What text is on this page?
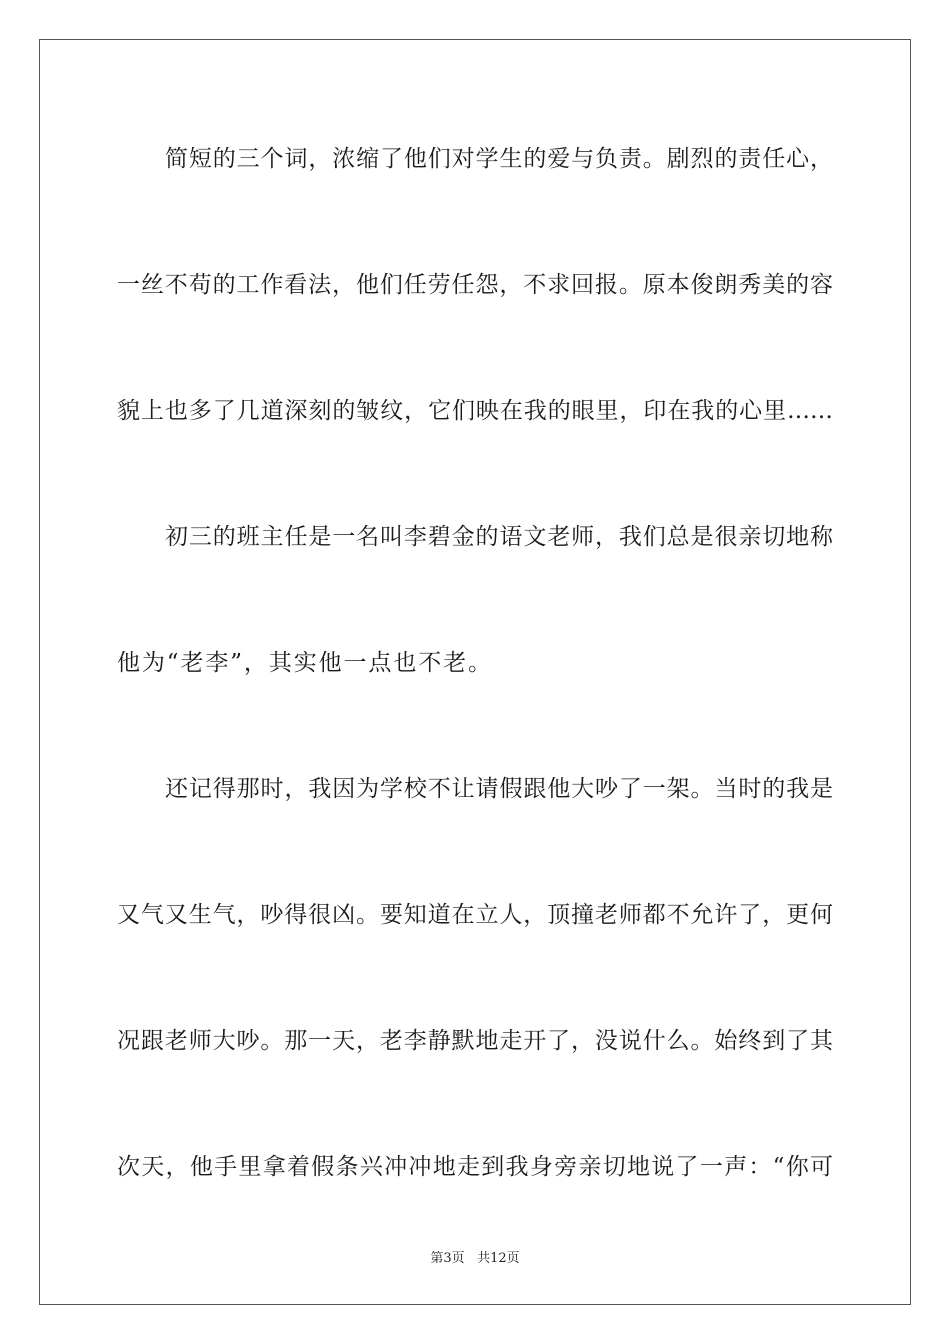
简短的三个词，浓缩了他们对学生的爱与负责。剧烈的责任心，
一丝不苟的工作看法，他们任劳任怨，不求回报。原本俊朗秀美的容
貌上也多了几道深刻的皱纹，它们映在我的眼里，印在我的心里……
初三的班主任是一名叫李碧金的语文老师，我们总是很亲切地称
他为“老李”，其实他一点也不老。
还记得那时，我因为学校不让请假跟他大吵了一架。当时的我是
又气又生气，吵得很凶。要知道在立人，顶撞老师都不允许了，更何
况跟老师大吵。那一天，老李静默地走开了，没说什么。始终到了其
次天，他手里拿着假条兴冲冲地走到我身旁亲切地说了一声：“你可
第3页 共12页
